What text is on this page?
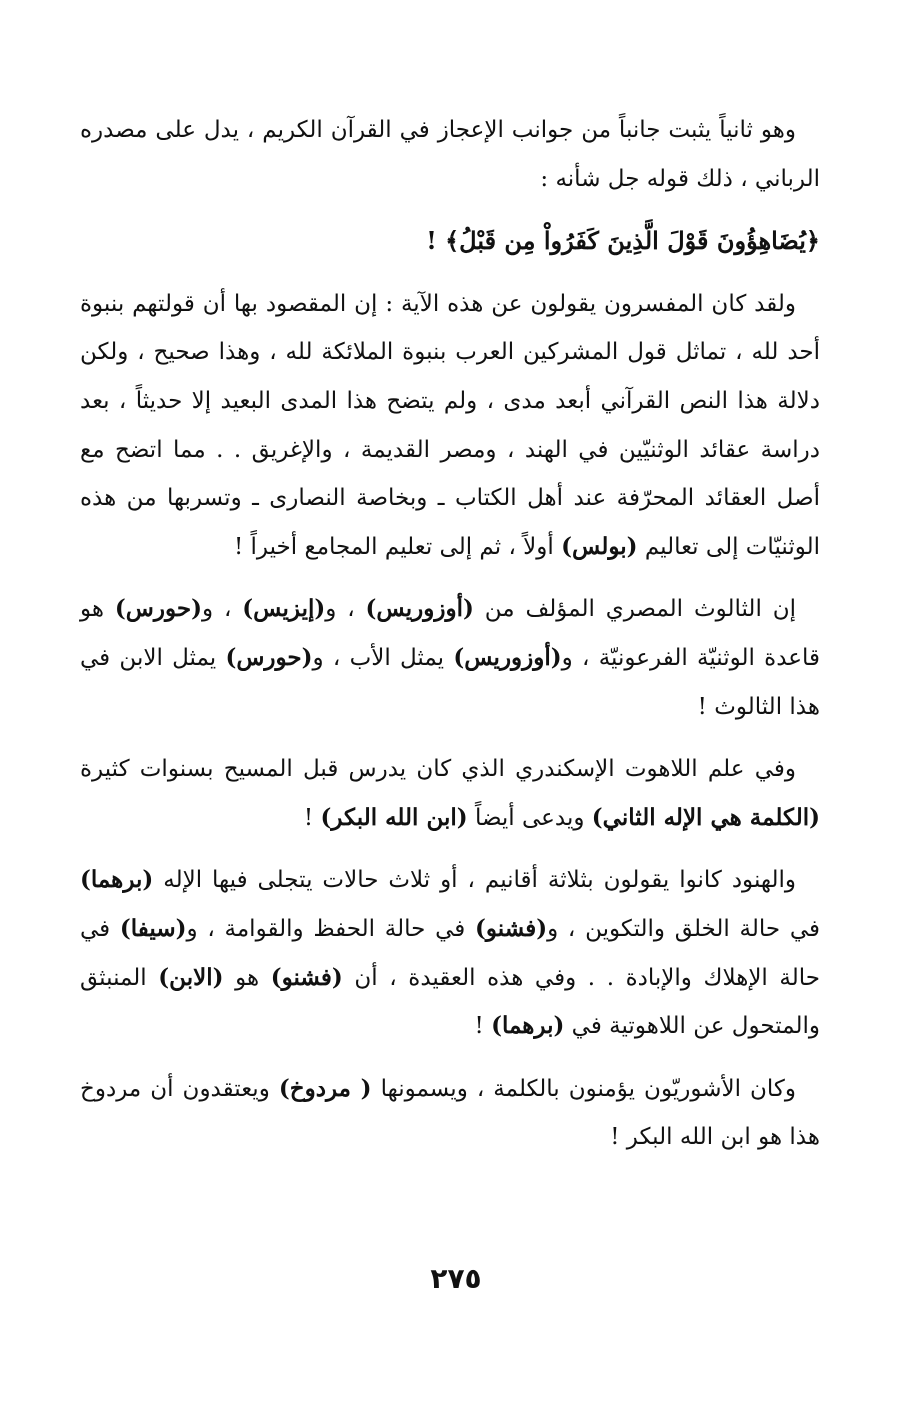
وهو ثانياً يثبت جانباً من جوانب الإعجاز في القرآن الكريم ، يدل على مصدره الرباني ، ذلك قوله جل شأنه :

﴿يُضَاهِؤُونَ قَوْلَ الَّذِينَ كَفَرُواْ مِن قَبْلُ﴾ !

ولقد كان المفسرون يقولون عن هذه الآية : إن المقصود بها أن قولتهم بنبوة أحد لله ، تماثل قول المشركين العرب بنبوة الملائكة لله ، وهذا صحيح ، ولكن دلالة هذا النص القرآني أبعد مدى ، ولم يتضح هذا المدى البعيد إلا حديثاً ، بعد دراسة عقائد الوثنيّين في الهند ، ومصر القديمة ، والإغريق . . مما اتضح مع أصل العقائد المحرّفة عند أهل الكتاب ـ وبخاصة النصارى ـ وتسربها من هذه الوثنيّات إلى تعاليم (بولس) أولاً ، ثم إلى تعليم المجامع أخيراً !

إن الثالوث المصري المؤلف من (أوزوريس) ، و(إيزيس) ، و(حورس) هو قاعدة الوثنيّة الفرعونيّة ، و(أوزوريس) يمثل الأب ، و(حورس) يمثل الابن في هذا الثالوث !

وفي علم اللاهوت الإسكندري الذي كان يدرس قبل المسيح بسنوات كثيرة (الكلمة هي الإله الثاني) ويدعى أيضاً (ابن الله البكر) !

والهنود كانوا يقولون بثلاثة أقانيم ، أو ثلاث حالات يتجلى فيها الإله (برهما) في حالة الخلق والتكوين ، و(فشنو) في حالة الحفظ والقوامة ، و(سيفا) في حالة الإهلاك والإبادة . . وفي هذه العقيدة ، أن (فشنو) هو (الابن) المنبثق والمتحول عن اللاهوتية في (برهما) !

وكان الأشوريّون يؤمنون بالكلمة ، ويسمونها ( مردوخ) ويعتقدون أن مردوخ هذا هو ابن الله البكر !

٢٧٥
